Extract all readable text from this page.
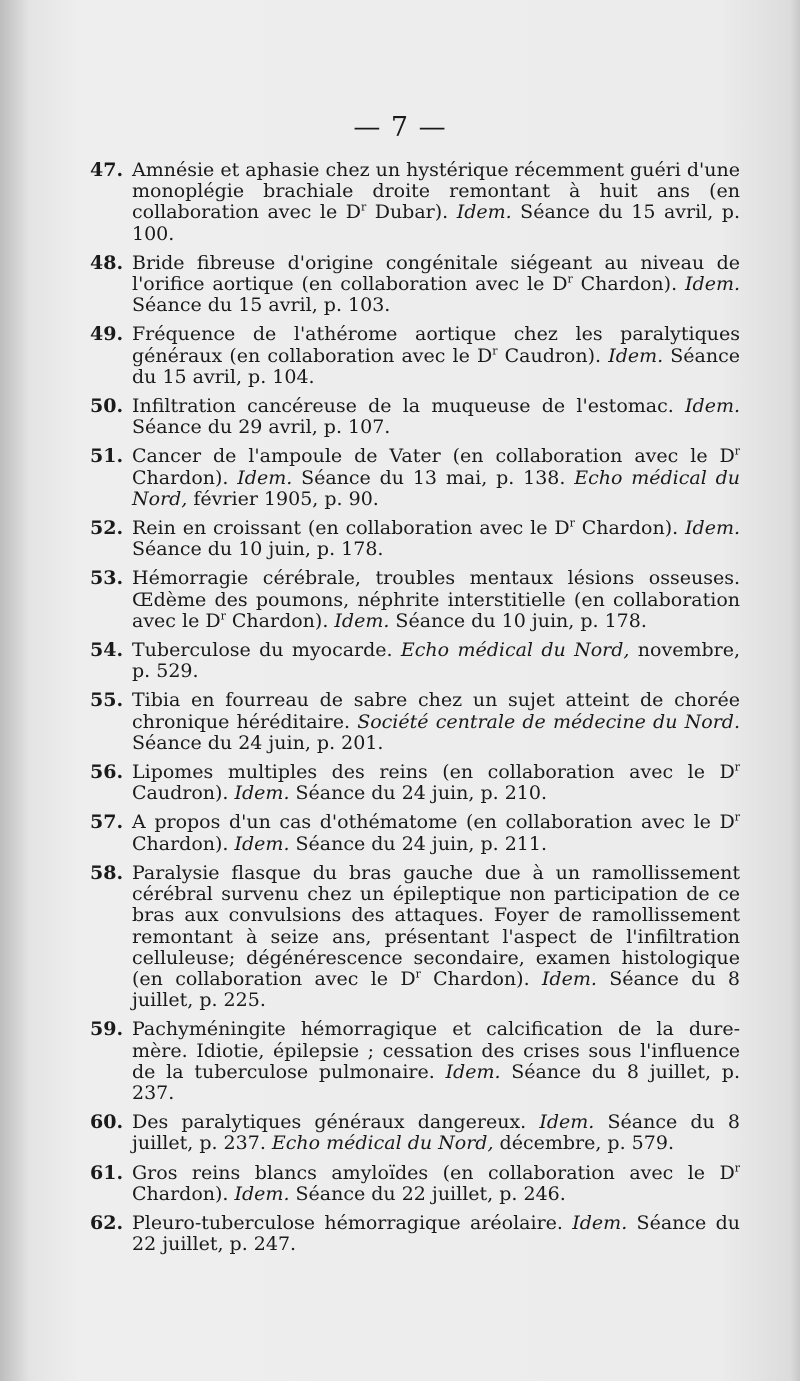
— 7 —
47. Amnésie et aphasie chez un hystérique récemment guéri d'une monoplégie brachiale droite remontant à huit ans (en collaboration avec le $D^r$ Dubar). Idem. Séance du 15 avril, p. 100.
48. Bride fibreuse d'origine congénitale siégeant au niveau de l'orifice aortique (en collaboration avec le $D^r$ Chardon). Idem. Séance du 15 avril, p. 103.
49. Fréquence de l'athérome aortique chez les paralytiques généraux (en collaboration avec le $D^r$ Caudron). Idem. Séance du 15 avril, p. 104.
50. Infiltration cancéreuse de la muqueuse de l'estomac. Idem. Séance du 29 avril, p. 107.
51. Cancer de l'ampoule de Vater (en collaboration avec le $D^r$ Chardon). Idem. Séance du 13 mai, p. 138. Echo médical du Nord, février 1905, p. 90.
52. Rein en croissant (en collaboration avec le $D^r$ Chardon). Idem. Séance du 10 juin, p. 178.
53. Hémorragie cérébrale, troubles mentaux lésions osseuses. Œdème des poumons, néphrite interstitielle (en collaboration avec le $D^r$ Chardon). Idem. Séance du 10 juin, p. 178.
54. Tuberculose du myocarde. Echo médical du Nord, novembre, p. 529.
55. Tibia en fourreau de sabre chez un sujet atteint de chorée chronique héréditaire. Société centrale de médecine du Nord. Séance du 24 juin, p. 201.
56. Lipomes multiples des reins (en collaboration avec le $D^r$ Caudron). Idem. Séance du 24 juin, p. 210.
57. A propos d'un cas d'othématome (en collaboration avec le $D^r$ Chardon). Idem. Séance du 24 juin, p. 211.
58. Paralysie flasque du bras gauche due à un ramollissement cérébral survenu chez un épileptique non participation de ce bras aux convulsions des attaques. Foyer de ramollissement remontant à seize ans, présentant l'aspect de l'infiltration celluleuse; dégénérescence secondaire, examen histologique (en collaboration avec le $D^r$ Chardon). Idem. Séance du 8 juillet, p. 225.
59. Pachyméningite hémorragique et calcification de la dure-mère. Idiotie, épilepsie ; cessation des crises sous l'influence de la tuberculose pulmonaire. Idem. Séance du 8 juillet, p. 237.
60. Des paralytiques généraux dangereux. Idem. Séance du 8 juillet, p. 237. Echo médical du Nord, décembre, p. 579.
61. Gros reins blancs amyloïdes (en collaboration avec le $D^r$ Chardon). Idem. Séance du 22 juillet, p. 246.
62. Pleuro-tuberculose hémorragique aréolaire. Idem. Séance du 22 juillet, p. 247.
